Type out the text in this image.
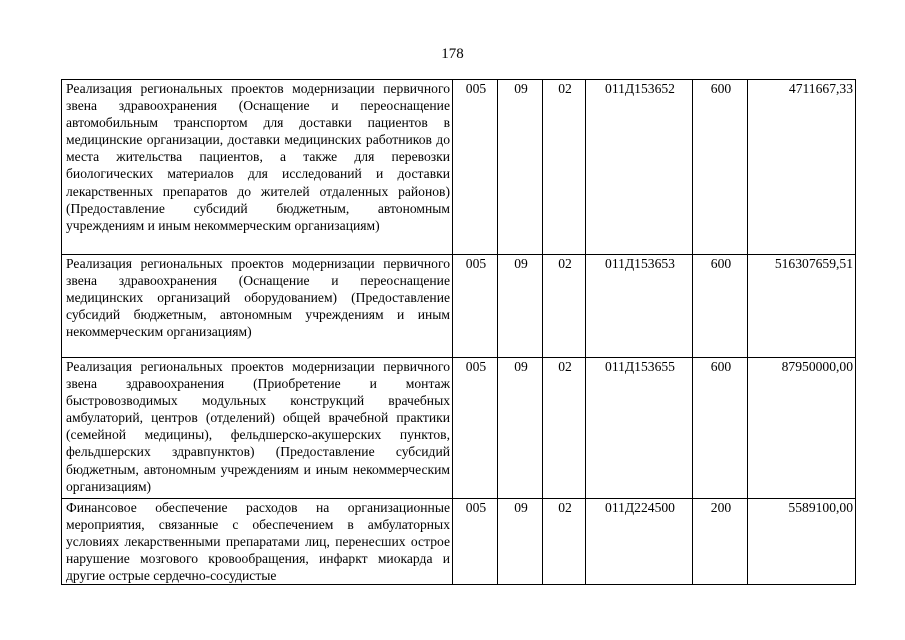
178
Реализация региональных проектов модернизации первичного звена здравоохранения (Оснащение и переоснащение автомобильным транспортом для доставки пациентов в медицинские организации, доставки медицинских работников до места жительства пациентов, а также для перевозки биологических материалов для исследований и доставки лекарственных препаратов до жителей отдаленных районов) (Предоставление субсидий бюджетным, автономным учреждениям и иным некоммерческим организациям)	005	09	02	011Д153652	600	4711667,33
Реализация региональных проектов модернизации первичного звена здравоохранения (Оснащение и переоснащение медицинских организаций оборудованием) (Предоставление субсидий бюджетным, автономным учреждениям и иным некоммерческим организациям)	005	09	02	011Д153653	600	516307659,51
Реализация региональных проектов модернизации первичного звена здравоохранения (Приобретение и монтаж быстровозводимых модульных конструкций врачебных амбулаторий, центров (отделений) общей врачебной практики (семейной медицины), фельдшерско-акушерских пунктов, фельдшерских здравпунктов) (Предоставление субсидий бюджетным, автономным учреждениям и иным некоммерческим организациям)	005	09	02	011Д153655	600	87950000,00
Финансовое обеспечение расходов на организационные мероприятия, связанные с обеспечением в амбулаторных условиях лекарственными препаратами лиц, перенесших острое нарушение мозгового кровообращения, инфаркт миокарда и другие острые сердечно-сосудистые	005	09	02	011Д224500	200	5589100,00
